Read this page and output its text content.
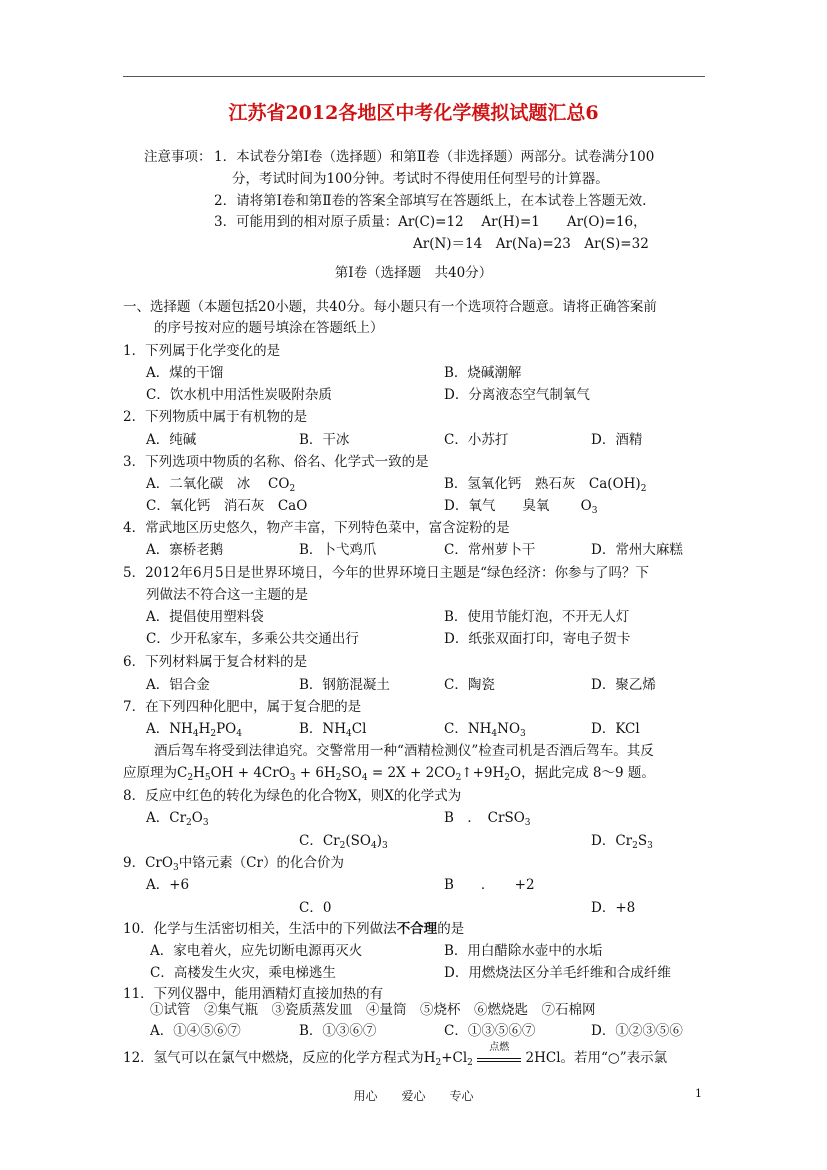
江苏省2012各地区中考化学模拟试题汇总6
注意事项： 1．本试卷分第Ⅰ卷（选择题）和第Ⅱ卷（非选择题）两部分。试卷满分100
分，考试时间为100分钟。考试时不得使用任何型号的计算器。
2．请将第Ⅰ卷和第Ⅱ卷的答案全部填写在答题纸上，在本试卷上答题无效.
3．可能用到的相对原子质量：Ar(C)=12　 Ar(H)=1　　Ar(O)=16，
Ar(N)＝14　Ar(Na)=23　Ar(S)=32
第Ⅰ卷（选择题　共40分）
一、选择题（本题包括20小题，共40分。每小题只有一个选项符合题意。请将正确答案前
的序号按对应的题号填涂在答题纸上）
1．下列属于化学变化的是
A．煤的干馏	B．烧碱潮解
C．饮水机中用活性炭吸附杂质	D．分离液态空气制氧气
2．下列物质中属于有机物的是
A．纯碱	B．干冰	C．小苏打	D．酒精
3．下列选项中物质的名称、俗名、化学式一致的是
A．二氧化碳　冰　 $CO_2$	B．氢氧化钙　熟石灰　$Ca(OH)_2$
C．氧化钙　消石灰　CaO	D．氧气　　臭氧　　 $O_3$
4．常武地区历史悠久，物产丰富，下列特色菜中，富含淀粉的是
A．寨桥老鹅	B．卜弋鸡爪	C．常州萝卜干	D．常州大麻糕
5．2012年6月5日是世界环境日，今年的世界环境日主题是“绿色经济：你参与了吗？下
列做法不符合这一主题的是
A．提倡使用塑料袋	B．使用节能灯泡，不开无人灯
C．少开私家车，多乘公共交通出行	D．纸张双面打印，寄电子贺卡
6．下列材料属于复合材料的是
A．铝合金	B．钢筋混凝土	C．陶瓷	D．聚乙烯
7．在下列四种化肥中，属于复合肥的是
A．$NH_4H_2PO_4$	B．$NH_4Cl$	C．$NH_4NO_3$	D．KCl
酒后驾车将受到法律追究。交警常用一种“酒精检测仪”检查司机是否酒后驾车。其反
应原理为$C_2H_5OH + 4CrO_3 + 6H_2SO_4 = 2X$ + $2CO_2↑+9H_2O$，据此完成 8～9 题。
8．反应中红色的转化为绿色的化合物X，则X的化学式为
A．$Cr_2O_3$	B　．　CrSO$_3$
C．$Cr_2(SO_4)_3$	D．$Cr_2S_3$
9．CrO$_3$中铬元素（Cr）的化合价为
A．+6	B　　．　　+2
C．0	D．+8
10．化学与生活密切相关，生活中的下列做法不合理的是
A．家电着火，应先切断电源再灭火	B．用白醋除水壶中的水垢
C．高楼发生火灾，乘电梯逃生	D．用燃烧法区分羊毛纤维和合成纤维
11．下列仪器中，能用酒精灯直接加热的有
①试管　②集气瓶　③瓷质蒸发皿　④量筒　⑤烧杯　⑥燃烧匙　⑦石棉网
A．①④⑤⑥⑦	B．①③⑥⑦	C．①③⑤⑥⑦	D．①②③⑤⑥
12．氢气可以在氯气中燃烧，反应的化学方程式为$H_2+Cl_2$
点燃
2HCl。若用“○”表示氯
用心　　爱心　　专心	1
